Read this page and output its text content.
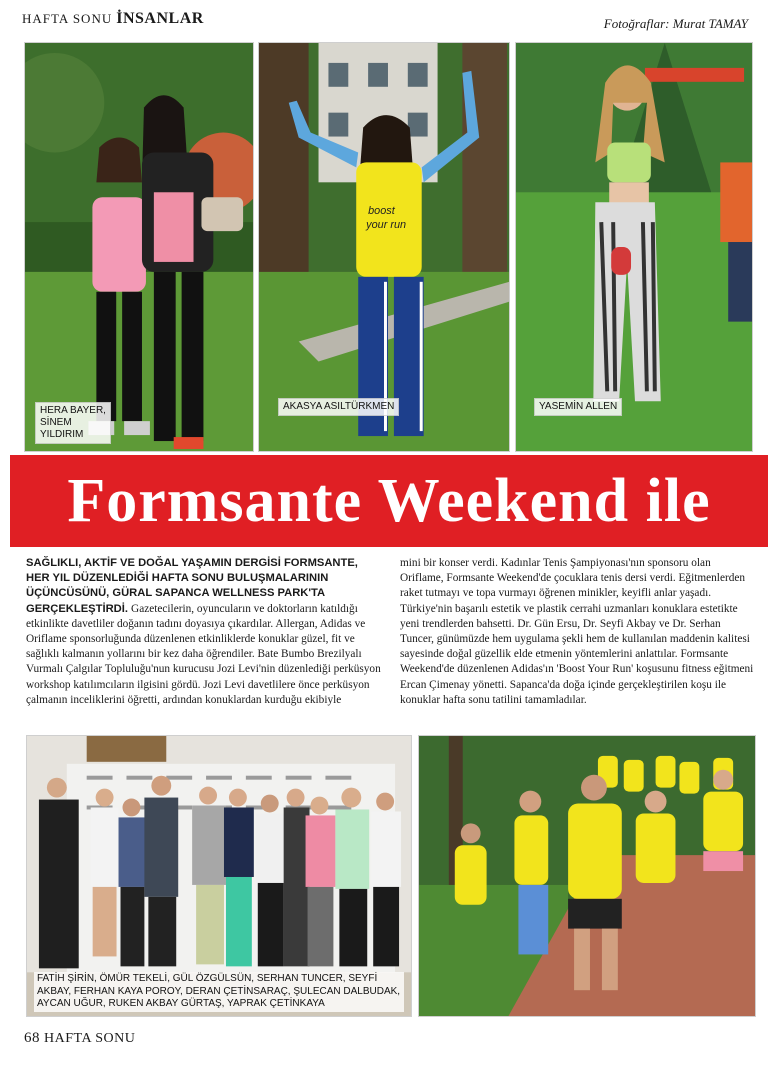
HAFTA SONU İNSANLAR	Fotoğraflar: Murat TAMAY
HERA BAYER,
SİNEM YILDIRIM
boost
your run
AKASYA ASILTÜRKMEN	YASEMİN ALLEN
Formsante Weekend ile
SAĞLIKLI, AKTİF VE DOĞAL YAŞAMIN DERGİSİ FORMSANTE, HER YIL DÜZENLEDİĞİ HAFTA SONU BULUŞMALARININ ÜÇÜNCÜSÜNÜ, GÜRAL SAPANCA WELLNESS PARK'TA GERÇEKLEŞTİRDİ. Gazetecilerin, oyuncuların ve doktorların katıldığı etkinlikte davetliler doğanın tadını doyasıya çıkardılar. Allergan, Adidas ve Oriflame sponsorluğunda düzenlenen etkinliklerde konuklar güzel, fit ve sağlıklı kalmanın yollarını bir kez daha öğrendiler. Bate Bumbo Brezilyalı Vurmalı Çalgılar Topluluğu'nun kurucusu Jozi Levi'nin düzenlediği perküsyon workshop katılımcıların ilgisini gördü. Jozi Levi davetlilere önce perküsyon çalmanın inceliklerini öğretti, ardından konuklardan kurduğu ekibiyle
mini bir konser verdi. Kadınlar Tenis Şampiyonası'nın sponsoru olan Oriflame, Formsante Weekend'de çocuklara tenis dersi verdi. Eğitmenlerden raket tutmayı ve topa vurmayı öğrenen minikler, keyifli anlar yaşadı. Türkiye'nin başarılı estetik ve plastik cerrahi uzmanları konuklara estetikte yeni trendlerden bahsetti. Dr. Gün Ersu, Dr. Seyfi Akbay ve Dr. Serhan Tuncer, günümüzde hem uygulama şekli hem de kullanılan maddenin kalitesi sayesinde doğal güzellik elde etmenin yöntemlerini anlattılar. Formsante Weekend'de düzenlenen Adidas'ın 'Boost Your Run' koşusunu fitness eğitmeni Ercan Çimenay yönetti. Sapanca'da doğa içinde gerçekleştirilen koşu ile konuklar hafta sonu tatilini tamamladılar.
FATİH ŞİRİN, ÖMÜR TEKELİ, GÜL ÖZGÜLSÜN, SERHAN TUNCER, SEYFİ AKBAY, FERHAN KAYA POROY, DERAN ÇETİNSARAÇ, ŞULECAN DALBUDAK, AYCAN UĞUR, RUKEN AKBAY GÜRTAŞ, YAPRAK ÇETİNKAYA
68 HAFTA SONU
